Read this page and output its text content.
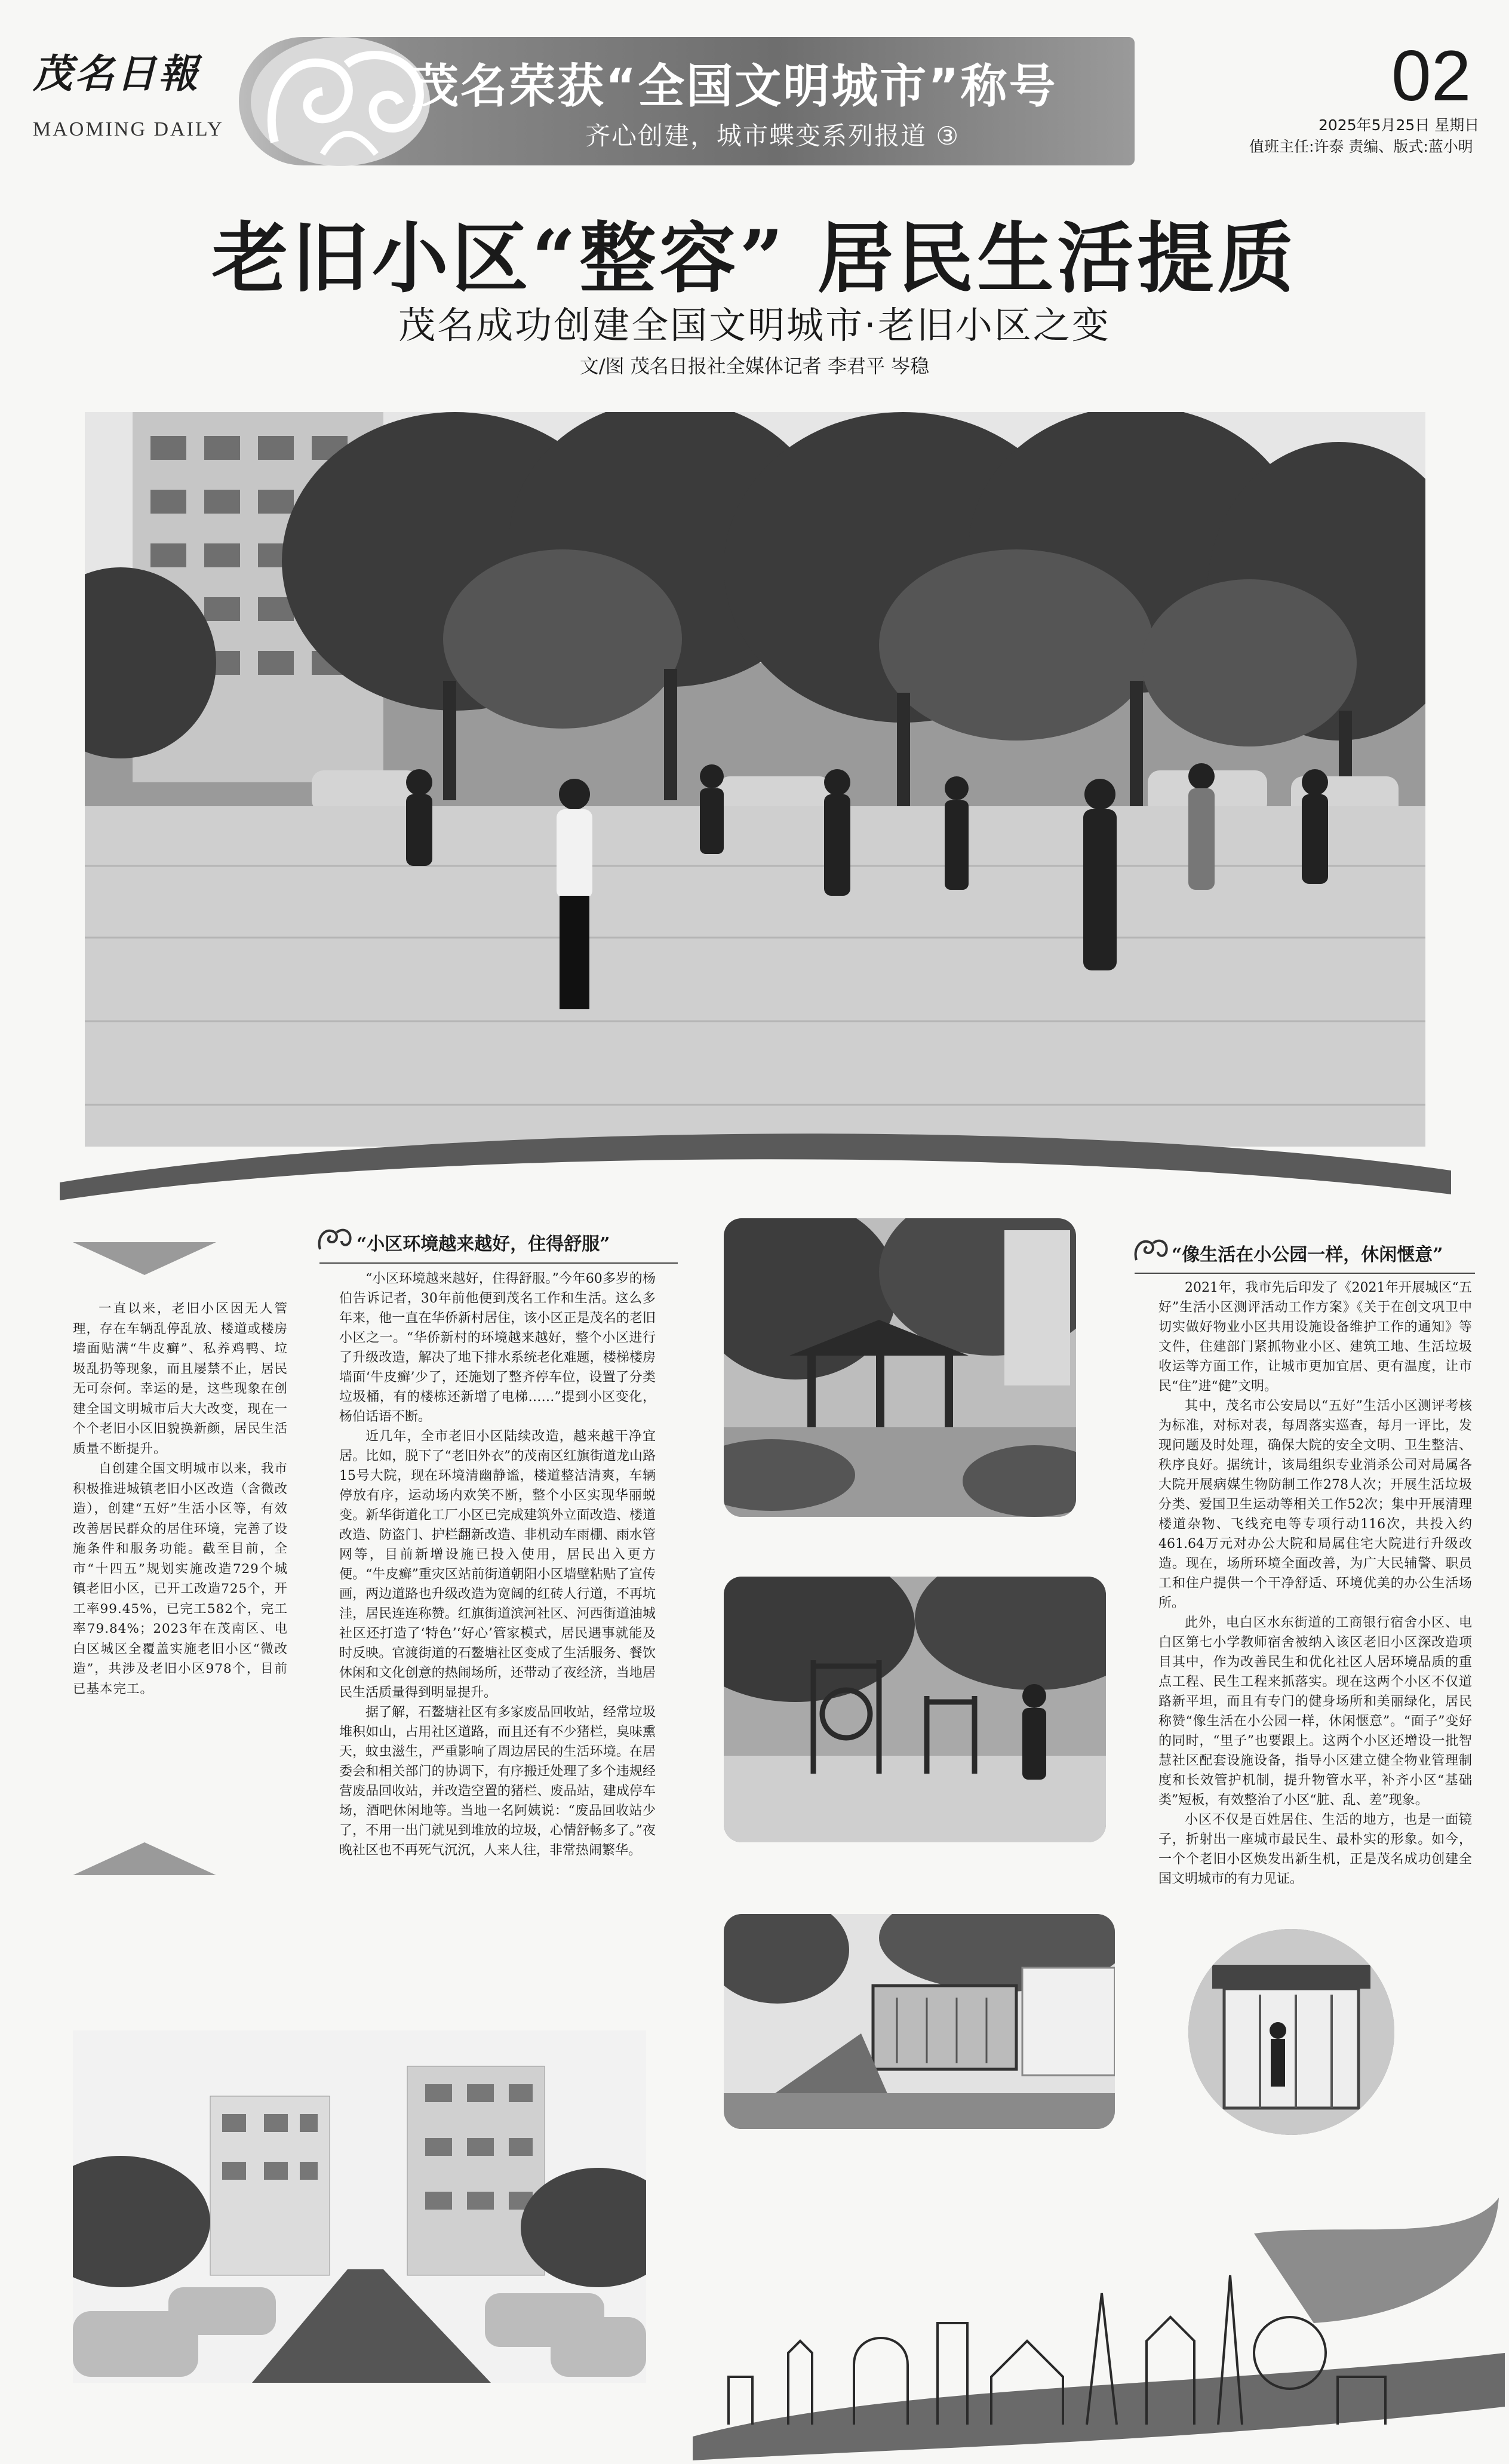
茂名日報
MAOMING DAILY
茂名荣获“全国文明城市”称号
齐心创建，城市蝶变系列报道 ③
02
2025年5月25日 星期日
值班主任:许泰 责编、版式:蓝小明
老旧小区“整容” 居民生活提质
茂名成功创建全国文明城市·老旧小区之变
文/图 茂名日报社全媒体记者 李君平 岑稳

一直以来，老旧小区因无人管理，存在车辆乱停乱放、楼道或楼房墙面贴满“牛皮癣”、私养鸡鸭、垃圾乱扔等现象，而且屡禁不止，居民无可奈何。幸运的是，这些现象在创建全国文明城市后大大改变，现在一个个老旧小区旧貌换新颜，居民生活质量不断提升。

自创建全国文明城市以来，我市积极推进城镇老旧小区改造（含微改造），创建“五好”生活小区等，有效改善居民群众的居住环境，完善了设施条件和服务功能。截至目前，全市“十四五”规划实施改造729个城镇老旧小区，已开工改造725个，开工率99.45%，已完工582个，完工率79.84%；2023年在茂南区、电白区城区全覆盖实施老旧小区“微改造”，共涉及老旧小区978个，目前已基本完工。

“小区环境越来越好，住得舒服”

“小区环境越来越好，住得舒服。”今年60多岁的杨伯告诉记者，30年前他便到茂名工作和生活。这么多年来，他一直在华侨新村居住，该小区正是茂名的老旧小区之一。“华侨新村的环境越来越好，整个小区进行了升级改造，解决了地下排水系统老化难题，楼梯楼房墙面‘牛皮癣’少了，还施划了整齐停车位，设置了分类垃圾桶，有的楼栋还新增了电梯……”提到小区变化，杨伯话语不断。

近几年，全市老旧小区陆续改造，越来越干净宜居。比如，脱下了“老旧外衣”的茂南区红旗街道龙山路15号大院，现在环境清幽静谧，楼道整洁清爽，车辆停放有序，运动场内欢笑不断，整个小区实现华丽蜕变。新华街道化工厂小区已完成建筑外立面改造、楼道改造、防盗门、护栏翻新改造、非机动车雨棚、雨水管网等，目前新增设施已投入使用，居民出入更方便。“牛皮癣”重灾区站前街道朝阳小区墙壁粘贴了宣传画，两边道路也升级改造为宽阔的红砖人行道，不再坑洼，居民连连称赞。红旗街道滨河社区、河西街道油城社区还打造了‘特色’‘好心’管家模式，居民遇事就能及时反映。官渡街道的石鳌塘社区变成了生活服务、餐饮休闲和文化创意的热闹场所，还带动了夜经济，当地居民生活质量得到明显提升。

据了解，石鳌塘社区有多家废品回收站，经常垃圾堆积如山，占用社区道路，而且还有不少猪栏，臭味熏天，蚊虫滋生，严重影响了周边居民的生活环境。在居委会和相关部门的协调下，有序搬迁处理了多个违规经营废品回收站，并改造空置的猪栏、废品站，建成停车场，酒吧休闲地等。当地一名阿姨说：“废品回收站少了，不用一出门就见到堆放的垃圾，心情舒畅多了。”夜晚社区也不再死气沉沉，人来人往，非常热闹繁华。

“像生活在小公园一样，休闲惬意”

2021年，我市先后印发了《2021年开展城区“五好”生活小区测评活动工作方案》《关于在创文巩卫中切实做好物业小区共用设施设备维护工作的通知》等文件，住建部门紧抓物业小区、建筑工地、生活垃圾收运等方面工作，让城市更加宜居、更有温度，让市民“住”进“健”文明。

其中，茂名市公安局以“五好”生活小区测评考核为标准，对标对表，每周落实巡查，每月一评比，发现问题及时处理，确保大院的安全文明、卫生整洁、秩序良好。据统计，该局组织专业消杀公司对局属各大院开展病媒生物防制工作278人次；开展生活垃圾分类、爱国卫生运动等相关工作52次；集中开展清理楼道杂物、飞线充电等专项行动116次，共投入约461.64万元对办公大院和局属住宅大院进行升级改造。现在，场所环境全面改善，为广大民辅警、职员工和住户提供一个干净舒适、环境优美的办公生活场所。

此外，电白区水东街道的工商银行宿舍小区、电白区第七小学教师宿舍被纳入该区老旧小区深改造项目其中，作为改善民生和优化社区人居环境品质的重点工程、民生工程来抓落实。现在这两个小区不仅道路新平坦，而且有专门的健身场所和美丽绿化，居民称赞“像生活在小公园一样，休闲惬意”。“面子”变好的同时，“里子”也要跟上。这两个小区还增设一批智慧社区配套设施设备，指导小区建立健全物业管理制度和长效管护机制，提升物管水平，补齐小区“基础类”短板，有效整治了小区“脏、乱、差”现象。

小区不仅是百姓居住、生活的地方，也是一面镜子，折射出一座城市最民生、最朴实的形象。如今，一个个老旧小区焕发出新生机，正是茂名成功创建全国文明城市的有力见证。
